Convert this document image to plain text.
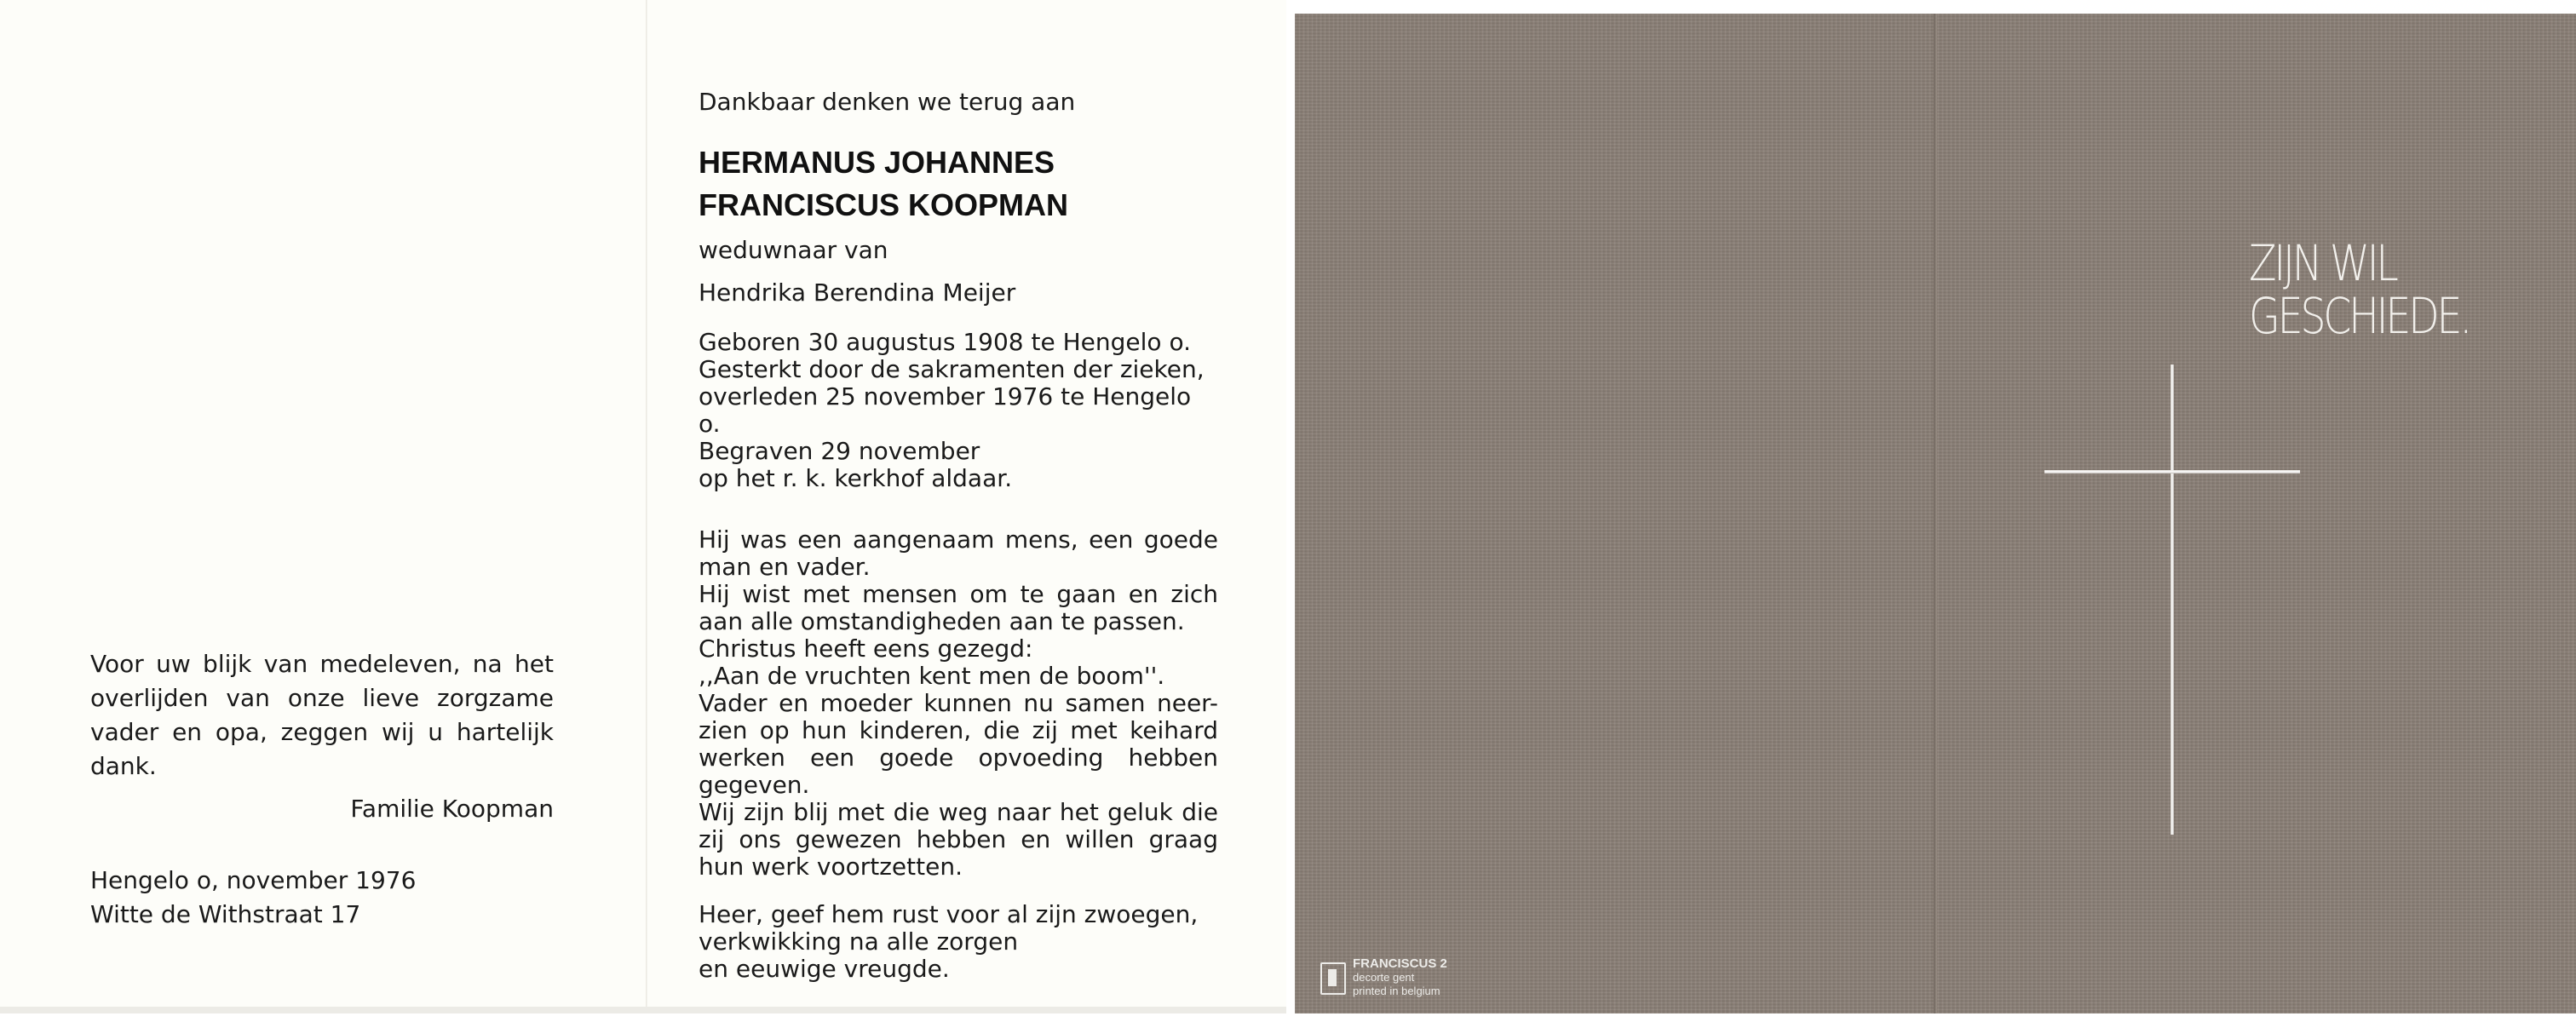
Voor uw blijk van medeleven, na het overlijden van onze lieve zorgzame vader en opa, zeggen wij u hartelijk dank.

Familie Koopman

Hengelo o, november 1976

Witte de Withstraat 17

Dankbaar denken we terug aan

HERMANUS JOHANNES
FRANCISCUS KOOPMAN

weduwnaar van

Hendrika Berendina Meijer

Geboren 30 augustus 1908 te Hengelo o.

Gesterkt door de sakramenten der zieken,

overleden 25 november 1976 te Hengelo o.

Begraven 29 november

op het r. k. kerkhof aldaar.

Hij was een aangenaam mens, een goede man en vader.

Hij wist met mensen om te gaan en zich aan alle omstandigheden aan te passen.

Christus heeft eens gezegd:

,,Aan de vruchten kent men de boom''.

Vader en moeder kunnen nu samen neer-zien op hun kinderen, die zij met keihard werken een goede opvoeding hebben gegeven.

Wij zijn blij met die weg naar het geluk die zij ons gewezen hebben en willen graag hun werk voortzetten.

Heer, geef hem rust voor al zijn zwoegen,

verkwikking na alle zorgen

en eeuwige vreugde.

ZIJN WIL
GESCHIEDE.
FRANCISCUS 2
decorte gent
printed in belgium
